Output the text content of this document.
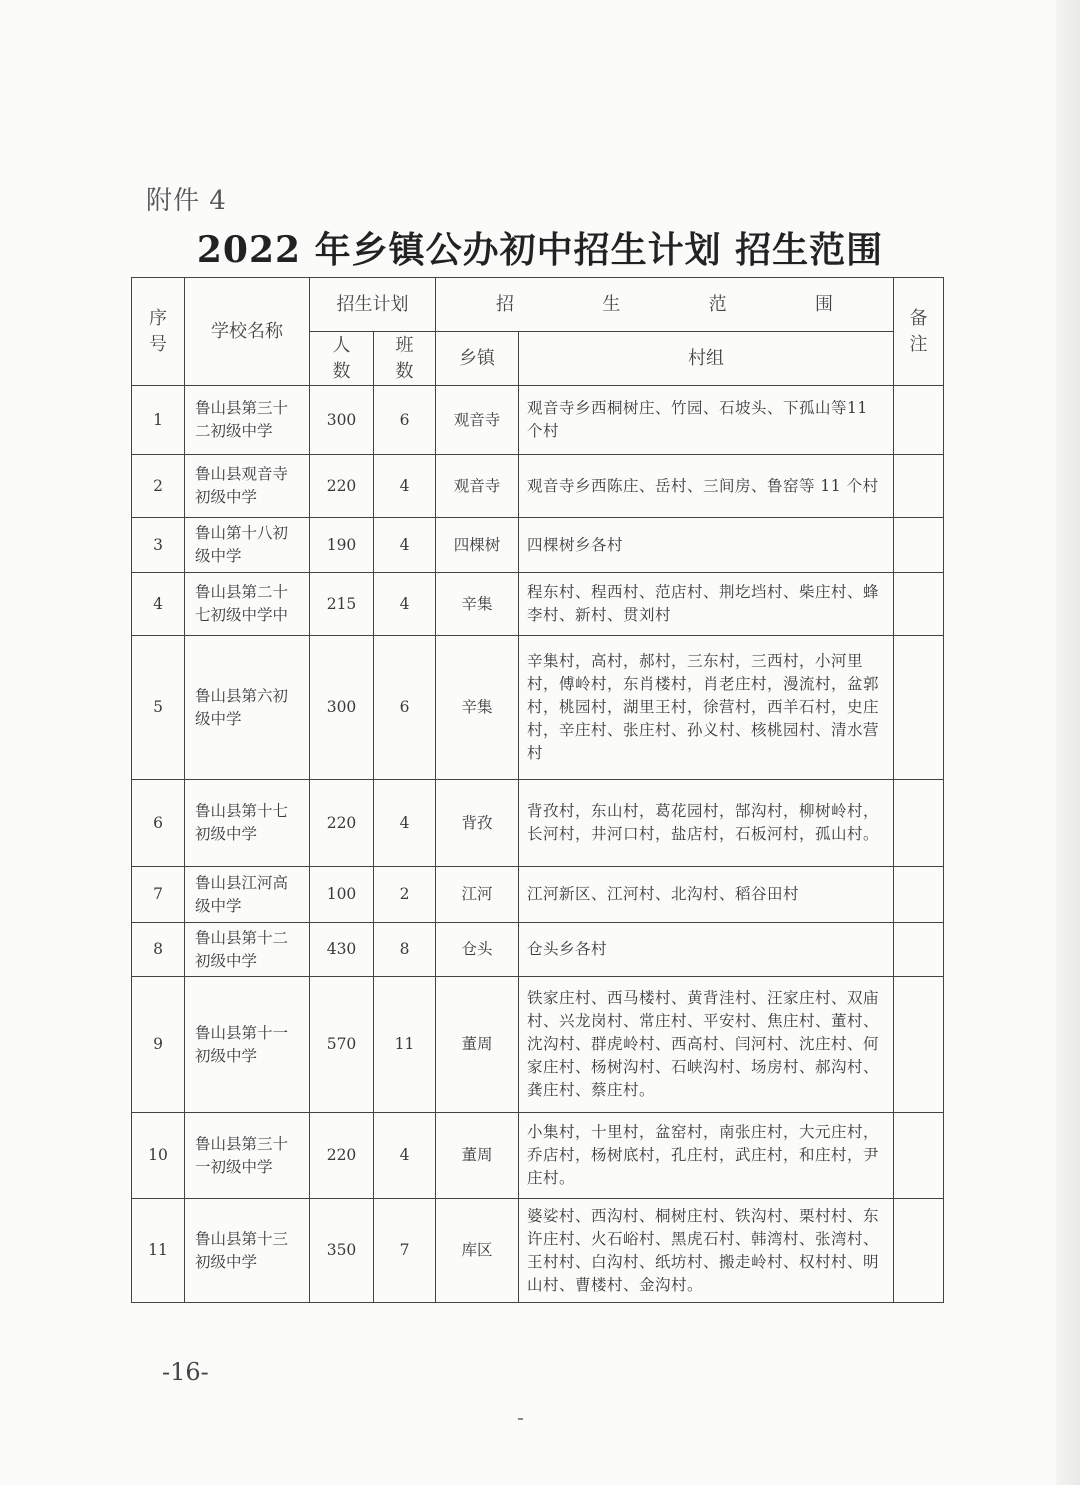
附件 4
2022 年乡镇公办初中招生计划 招生范围
序号	学校名称	招生计划		招 生 范 围		备注
		人数	班数	乡镇	村组	
1	鲁山县第三十二初级中学	300	6	观音寺	观音寺乡西桐树庄、竹园、石坡头、下孤山等11 个村	
2	鲁山县观音寺初级中学	220	4	观音寺	观音寺乡西陈庄、岳村、三间房、鲁窑等 11 个村	
3	鲁山第十八初级中学	190	4	四棵树	四棵树乡各村	
4	鲁山县第二十七初级中学中	215	4	辛集	程东村、程西村、范店村、荆圪垱村、柴庄村、蜂李村、新村、贯刘村	
5	鲁山县第六初级中学	300	6	辛集	辛集村，高村，郝村，三东村，三西村，小河里村，傅岭村，东肖楼村，肖老庄村，漫流村，盆郭村，桃园村，湖里王村，徐营村，西羊石村，史庄村，辛庄村、张庄村、孙义村、核桃园村、清水营村	
6	鲁山县第十七初级中学	220	4	背孜	背孜村，东山村，葛花园村，郜沟村，柳树岭村，长河村，井河口村，盐店村，石板河村，孤山村。	
7	鲁山县江河高级中学	100	2	江河	江河新区、江河村、北沟村、稻谷田村	
8	鲁山县第十二初级中学	430	8	仓头	仓头乡各村	
9	鲁山县第十一初级中学	570	11	董周	铁家庄村、西马楼村、黄背洼村、汪家庄村、双庙村、兴龙岗村、常庄村、平安村、焦庄村、董村、沈沟村、群虎岭村、西高村、闫河村、沈庄村、何家庄村、杨树沟村、石峡沟村、场房村、郝沟村、龚庄村、蔡庄村。	
10	鲁山县第三十一初级中学	220	4	董周	小集村，十里村，盆窑村，南张庄村，大元庄村，乔店村，杨树底村，孔庄村，武庄村，和庄村，尹庄村。	
11	鲁山县第十三初级中学	350	7	库区	婆娑村、西沟村、桐树庄村、铁沟村、栗村村、东许庄村、火石峪村、黑虎石村、韩湾村、张湾村、王村村、白沟村、纸坊村、搬走岭村、权村村、明山村、曹楼村、金沟村。	
-16-
